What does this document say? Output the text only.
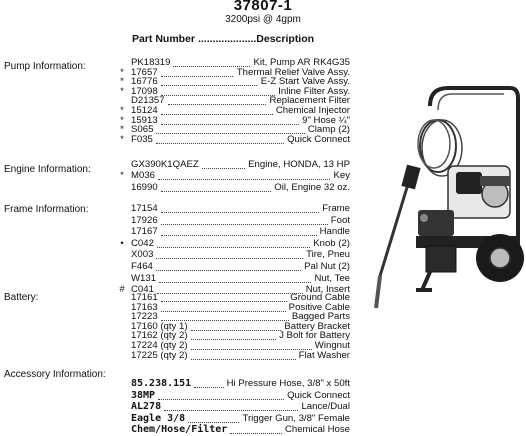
37807-1
3200psi @ 4gpm
Part Number ....................Description
Pump Information:	PK18319	Kit, Pump AR RK4G35
* 17657	Thermal Relief Valve Assy.
* 16776	E-Z Start Valve Assy.
* 17098	Inline Filter Assy.
D21357	Replacement Filter
* 15124	Chemical Injector
* 15913	9" Hose ¼"
* S065	Clamp (2)
* F035	Quick Connect
Engine Information:	GX390K1QAEZ	Engine, HONDA, 13 HP
* M036	Key
16990	Oil, Engine 32 oz.
Frame Information:	17154	Frame
17926	Foot
17167	Handle
• C042	Knob (2)
X003	Tire, Pneu
F464	Pal Nut (2)
W131	Nut, Tee
# C041	Nut, Insert
Battery:	17161	Ground Cable
17163	Positive Cable
17223	Bagged Parts
17160 (qty 1)	Battery Bracket
17162 (qty 2)	J Bolt for Battery
17224 (qty 2)	Wingnut
17225 (qty 2)	Flat Washer
Accessory Information:
85.238.151	Hi Pressure Hose, 3/8" x 50ft
38MP	Quick Connect
AL278	Lance/Dual
Eagle 3/8	Trigger Gun, 3/8" Female
Chem/Hose/Filter	Chemical Hose
